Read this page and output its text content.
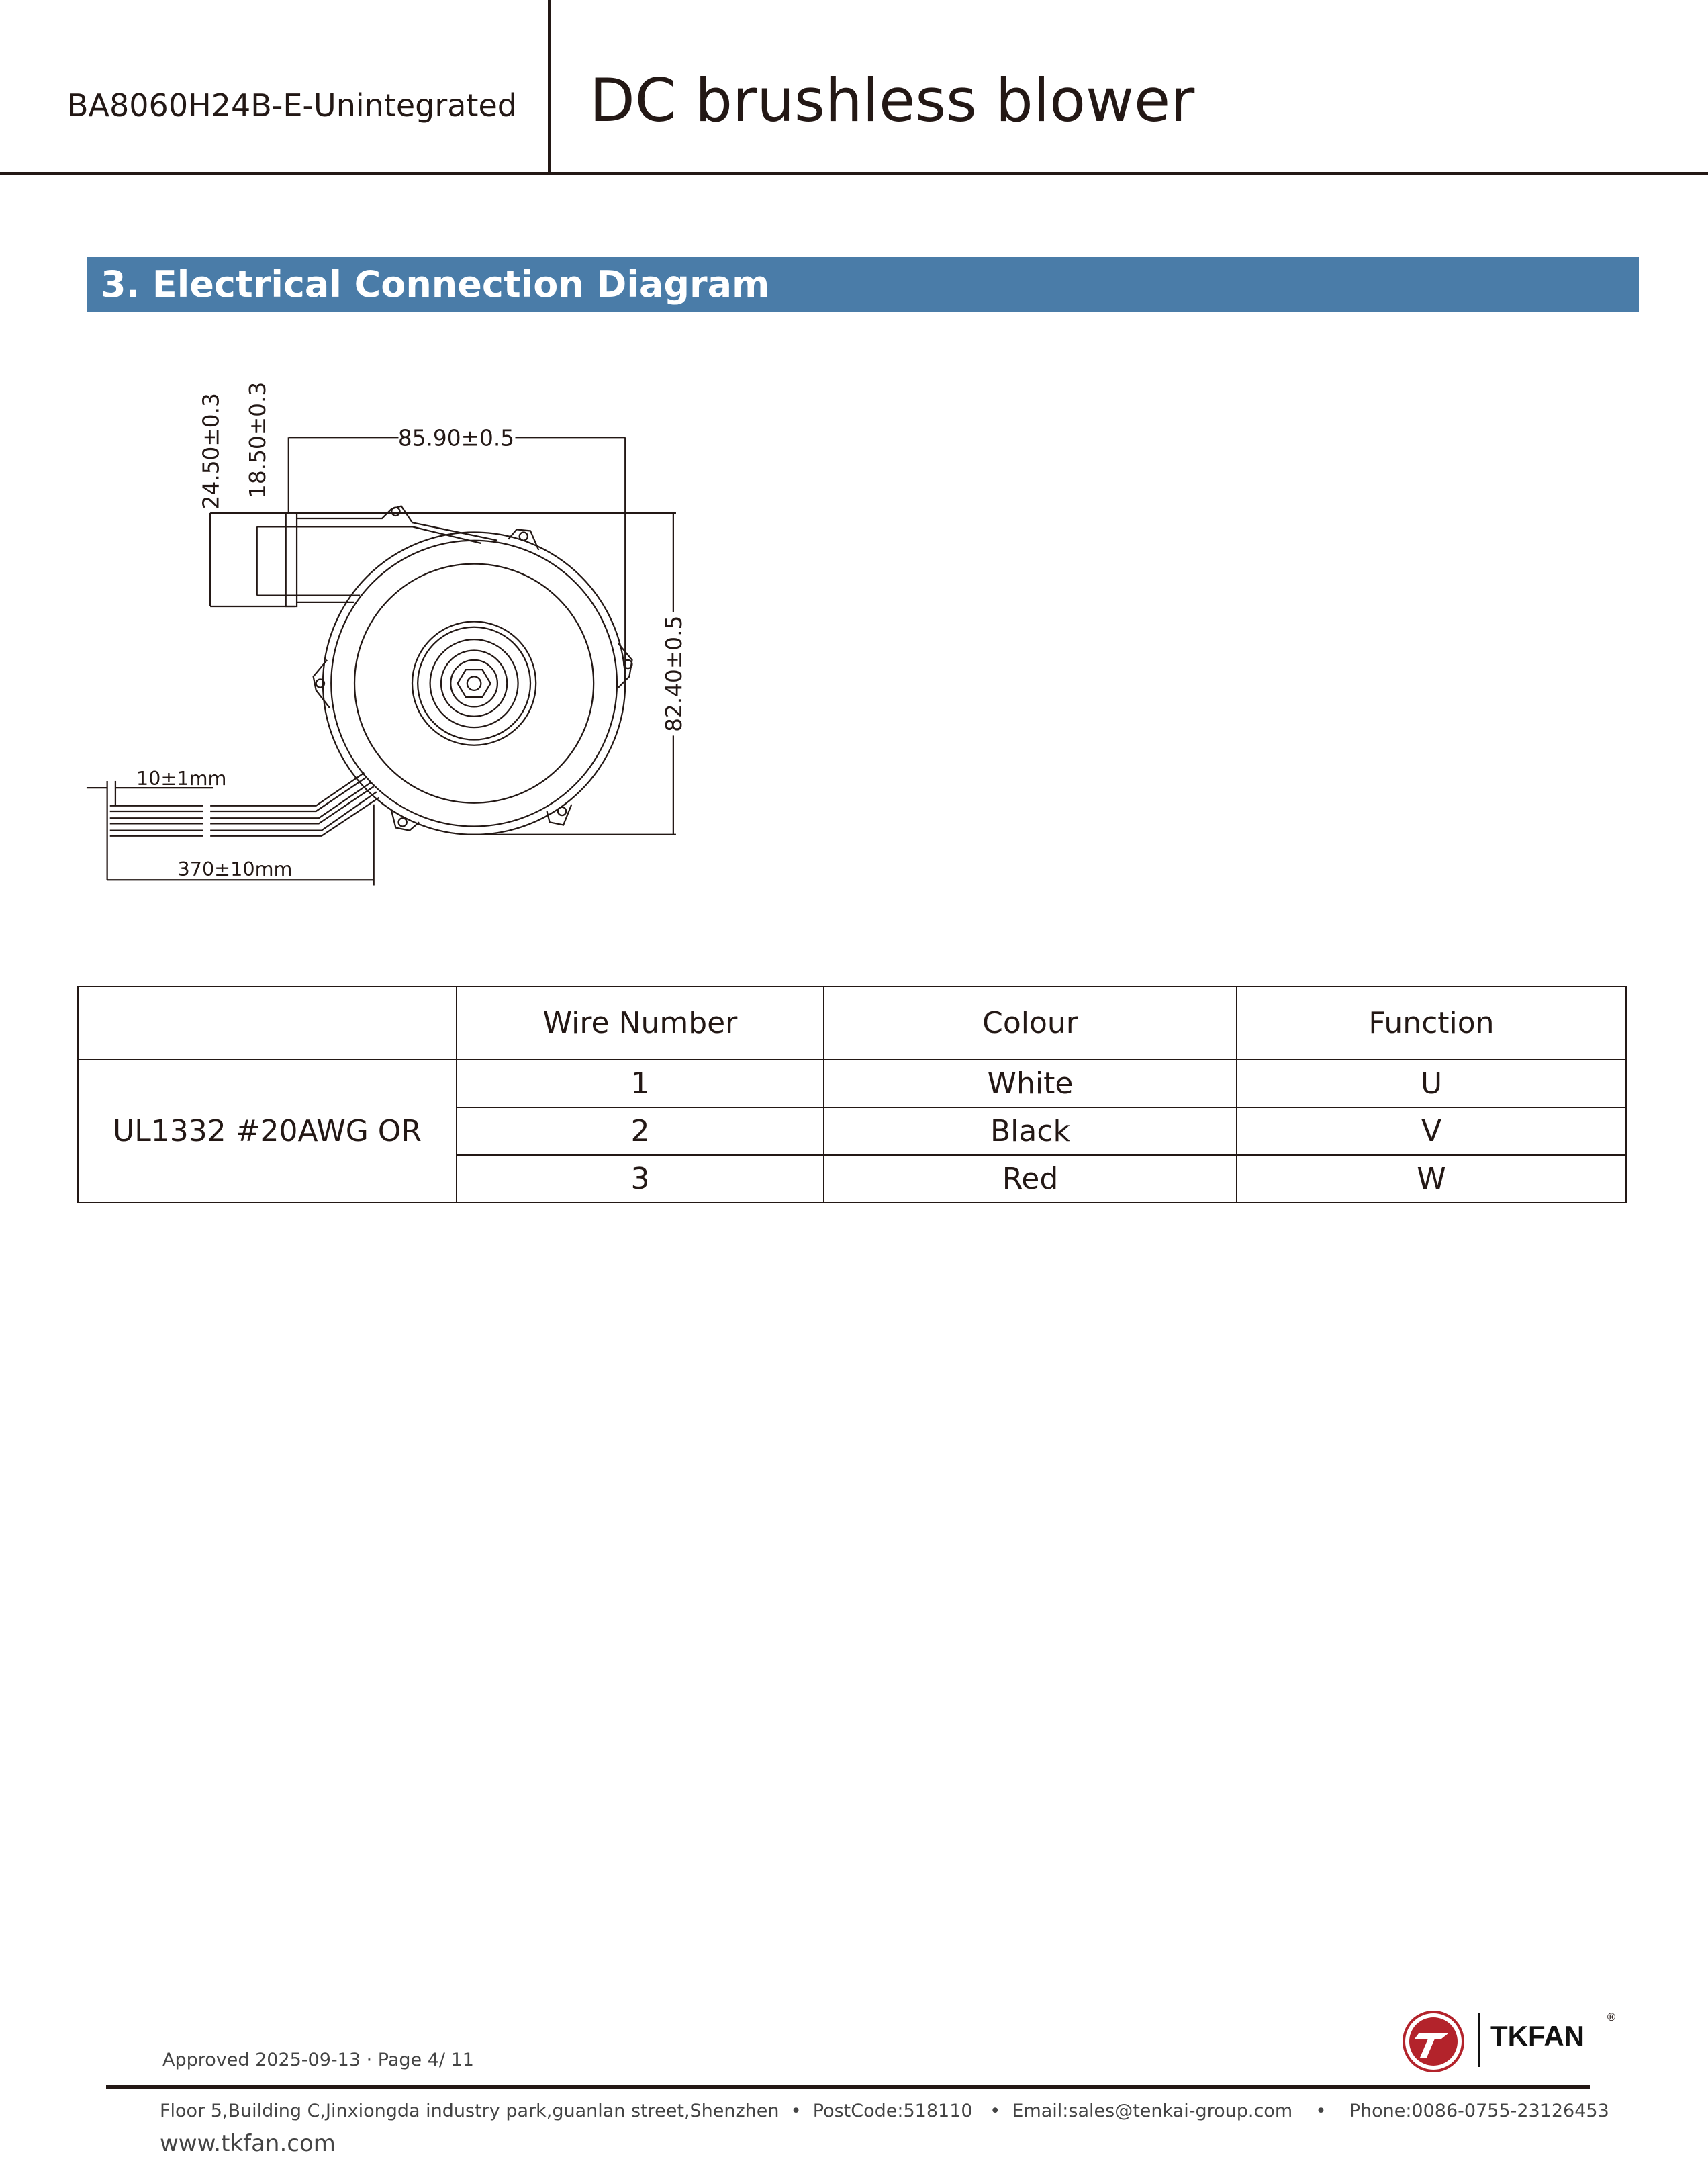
BA8060H24B-E-Unintegrated DC brushless blower
3. Electrical Connection Diagram
85.90±0.5
82.40±0.5
24.50±0.3 18.50±0.3
10±1mm
370±10mm
	Wire Number	Colour	Function
UL1332 #20AWG OR	1	White	U
	2	Black	V
	3	Red	W
Approved 2025-09-13 · Page 4/ 11
TKFAN
®
Floor 5,Building C,Jinxiongda industry park,guanlan street,Shenzhen  •  PostCode:518110   •  Email:sales@tenkai-group.com    •    Phone:0086-0755-23126453
www.tkfan.com
